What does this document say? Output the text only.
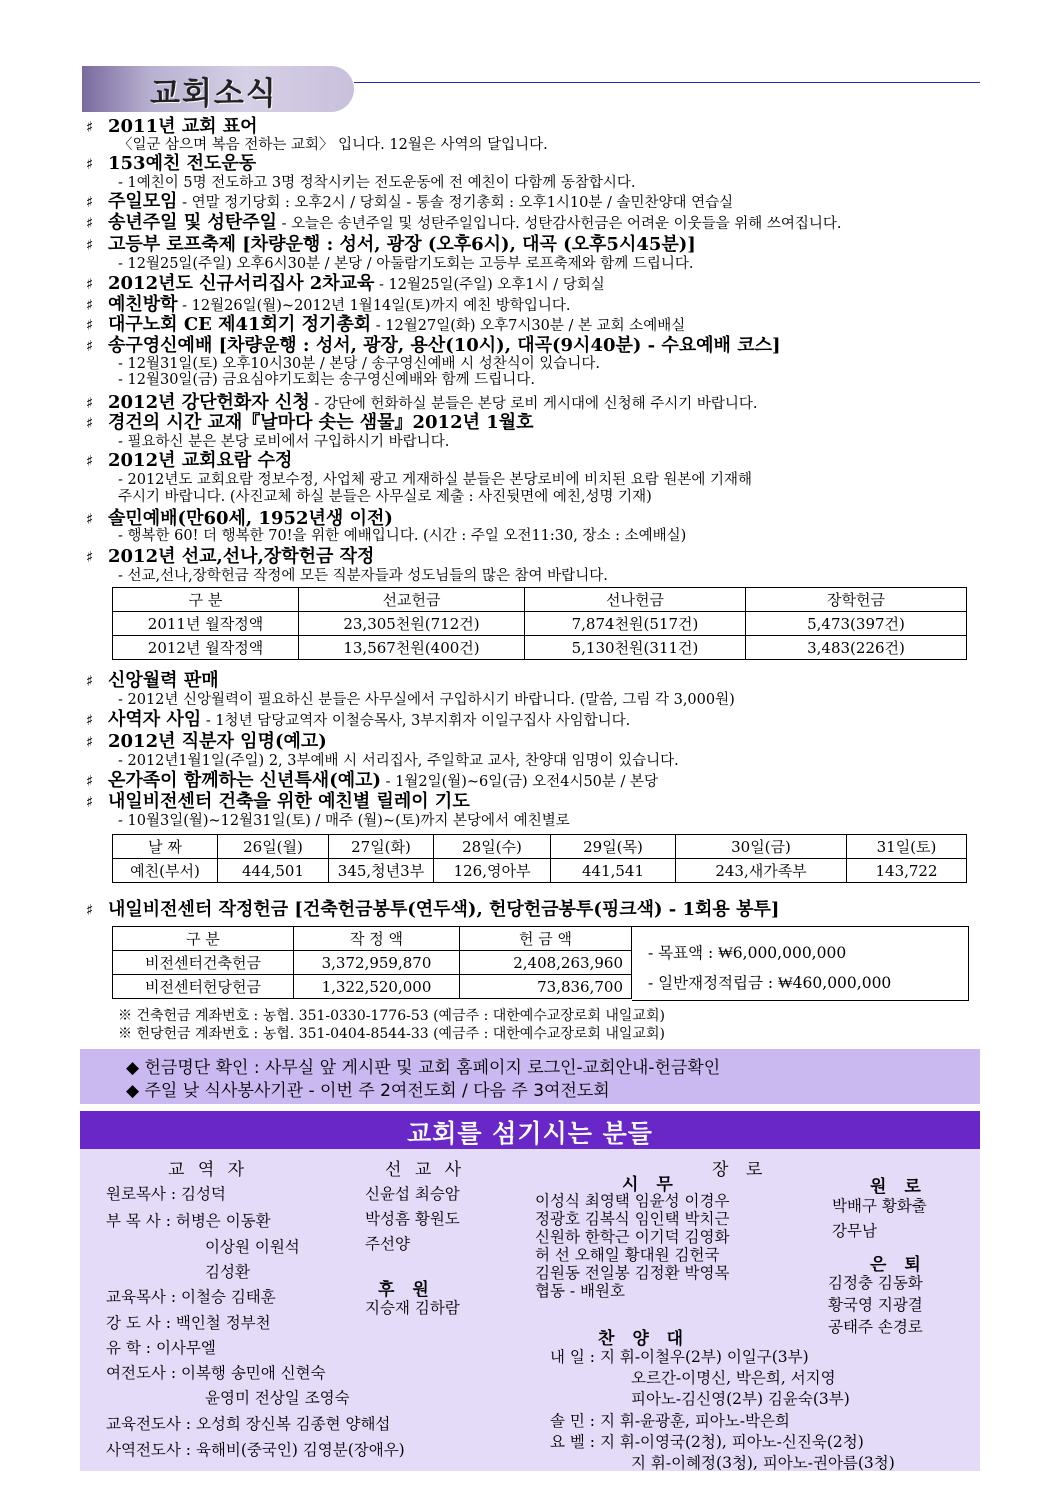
교회소식
♯ 2011년 교회 표어
〈일군 삼으며 복음 전하는 교회〉 입니다. 12월은 사역의 달입니다.
♯ 153예친 전도운동
- 1예친이 5명 전도하고 3명 정착시키는 전도운동에 전 예친이 다함께 동참합시다.
♯ 주일모임 - 연말 정기당회 : 오후2시 / 당회실 - 통솔 정기총회 : 오후1시10분 / 솔민찬양대 연습실
♯ 송년주일 및 성탄주일 - 오늘은 송년주일 및 성탄주일입니다. 성탄감사헌금은 어려운 이웃들을 위해 쓰여집니다.
♯ 고등부 로프축제 [차량운행 : 성서, 광장 (오후6시), 대곡 (오후5시45분)]
- 12월25일(주일) 오후6시30분 / 본당 / 아둘람기도회는 고등부 로프축제와 함께 드립니다.
♯ 2012년도 신규서리집사 2차교육 - 12월25일(주일) 오후1시 / 당회실
♯ 예친방학 - 12월26일(월)~2012년 1월14일(토)까지 예친 방학입니다.
♯ 대구노회 CE 제41회기 정기총회 - 12월27일(화) 오후7시30분 / 본 교회 소예배실
♯ 송구영신예배 [차량운행 : 성서, 광장, 용산(10시), 대곡(9시40분) - 수요예배 코스]
- 12월31일(토) 오후10시30분 / 본당 / 송구영신예배 시 성찬식이 있습니다.
- 12월30일(금) 금요심야기도회는 송구영신예배와 함께 드립니다.
♯ 2012년 강단헌화자 신청 - 강단에 헌화하실 분들은 본당 로비 게시대에 신청해 주시기 바랍니다.
♯ 경건의 시간 교재『날마다 솟는 샘물』2012년 1월호
- 필요하신 분은 본당 로비에서 구입하시기 바랍니다.
♯ 2012년 교회요람 수정
- 2012년도 교회요람 정보수정, 사업체 광고 게재하실 분들은 본당로비에 비치된 요람 원본에 기재해
주시기 바랍니다. (사진교체 하실 분들은 사무실로 제출 : 사진뒷면에 예친,성명 기재)
♯ 솔민예배(만60세, 1952년생 이전)
- 행복한 60! 더 행복한 70!을 위한 예배입니다. (시간 : 주일 오전11:30, 장소 : 소예배실)
♯ 2012년 선교,선나,장학헌금 작정
- 선교,선나,장학헌금 작정에 모든 직분자들과 성도님들의 많은 참여 바랍니다.
구 분	선교헌금	선나헌금	장학헌금
2011년 월작정액	23,305천원(712건)	7,874천원(517건)	5,473(397건)
2012년 월작정액	13,567천원(400건)	5,130천원(311건)	3,483(226건)
♯ 신앙월력 판매
- 2012년 신앙월력이 필요하신 분들은 사무실에서 구입하시기 바랍니다. (말씀, 그림 각 3,000원)
♯ 사역자 사임 - 1청년 담당교역자 이철승목사, 3부지휘자 이일구집사 사임합니다.
♯ 2012년 직분자 임명(예고)
- 2012년1월1일(주일) 2, 3부예배 시 서리집사, 주일학교 교사, 찬양대 임명이 있습니다.
♯ 온가족이 함께하는 신년특새(예고) - 1월2일(월)~6일(금) 오전4시50분 / 본당
♯ 내일비전센터 건축을 위한 예친별 릴레이 기도
- 10월3일(월)~12월31일(토) / 매주 (월)~(토)까지 본당에서 예친별로
날 짜	26일(월)	27일(화)	28일(수)	29일(목)	30일(금)	31일(토)
예친(부서)	444,501	345,청년3부	126,영아부	441,541	243,새가족부	143,722
♯ 내일비전센터 작정헌금 [건축헌금봉투(연두색), 헌당헌금봉투(핑크색) - 1회용 봉투]
구 분	작 정 액	헌 금 액
비전센터건축헌금	3,372,959,870	2,408,263,960
비전센터헌당헌금	1,322,520,000	73,836,700
- 목표액 : ₩6,000,000,000
- 일반재정적립금 : ₩460,000,000
※ 건축헌금 계좌번호 : 농협. 351-0330-1776-53 (예금주 : 대한예수교장로회 내일교회)
※ 헌당헌금 계좌번호 : 농협. 351-0404-8544-33 (예금주 : 대한예수교장로회 내일교회)
◆ 헌금명단 확인 : 사무실 앞 게시판 및 교회 홈페이지 로그인-교회안내-헌금확인
◆ 주일 낮 식사봉사기관 - 이번 주 2여전도회 / 다음 주 3여전도회
교회를 섬기시는 분들
교 역 자
원로목사 : 김성덕
부 목 사 : 허병은 이동환
이상원 이원석
김성환
교육목사 : 이철승 김태훈
강 도 사 : 백인철 정부천
유 학 : 이사무엘
여전도사 : 이복행 송민애 신현숙
윤영미 전상일 조영숙
교육전도사 : 오성희 장신복 김종현 양해섭
사역전도사 : 육해비(중국인) 김영분(장애우)
선 교 사
신윤섭 최승암
박성흠 황원도
주선양
후 원
지승재 김하람
장 로
시 무
이성식 최영택 임윤성 이경우
정광호 김복식 임인택 박치근
신원하 한학근 이기덕 김영화
허 선 오해일 황대원 김헌국
김원동 전일봉 김정환 박영목
협동 - 배원호
원 로
박배구 황화출
강무남
은 퇴
김정충 김동화
황국영 지광결
공태주 손경로
찬 양 대
내 일 : 지 휘-이철우(2부) 이일구(3부)
오르간-이명신, 박은희, 서지영
피아노-김신영(2부) 김윤숙(3부)
솔 민 : 지 휘-윤광훈, 피아노-박은희
요 벨 : 지 휘-이영국(2청), 피아노-신진욱(2청)
지 휘-이혜정(3청), 피아노-권아름(3청)
